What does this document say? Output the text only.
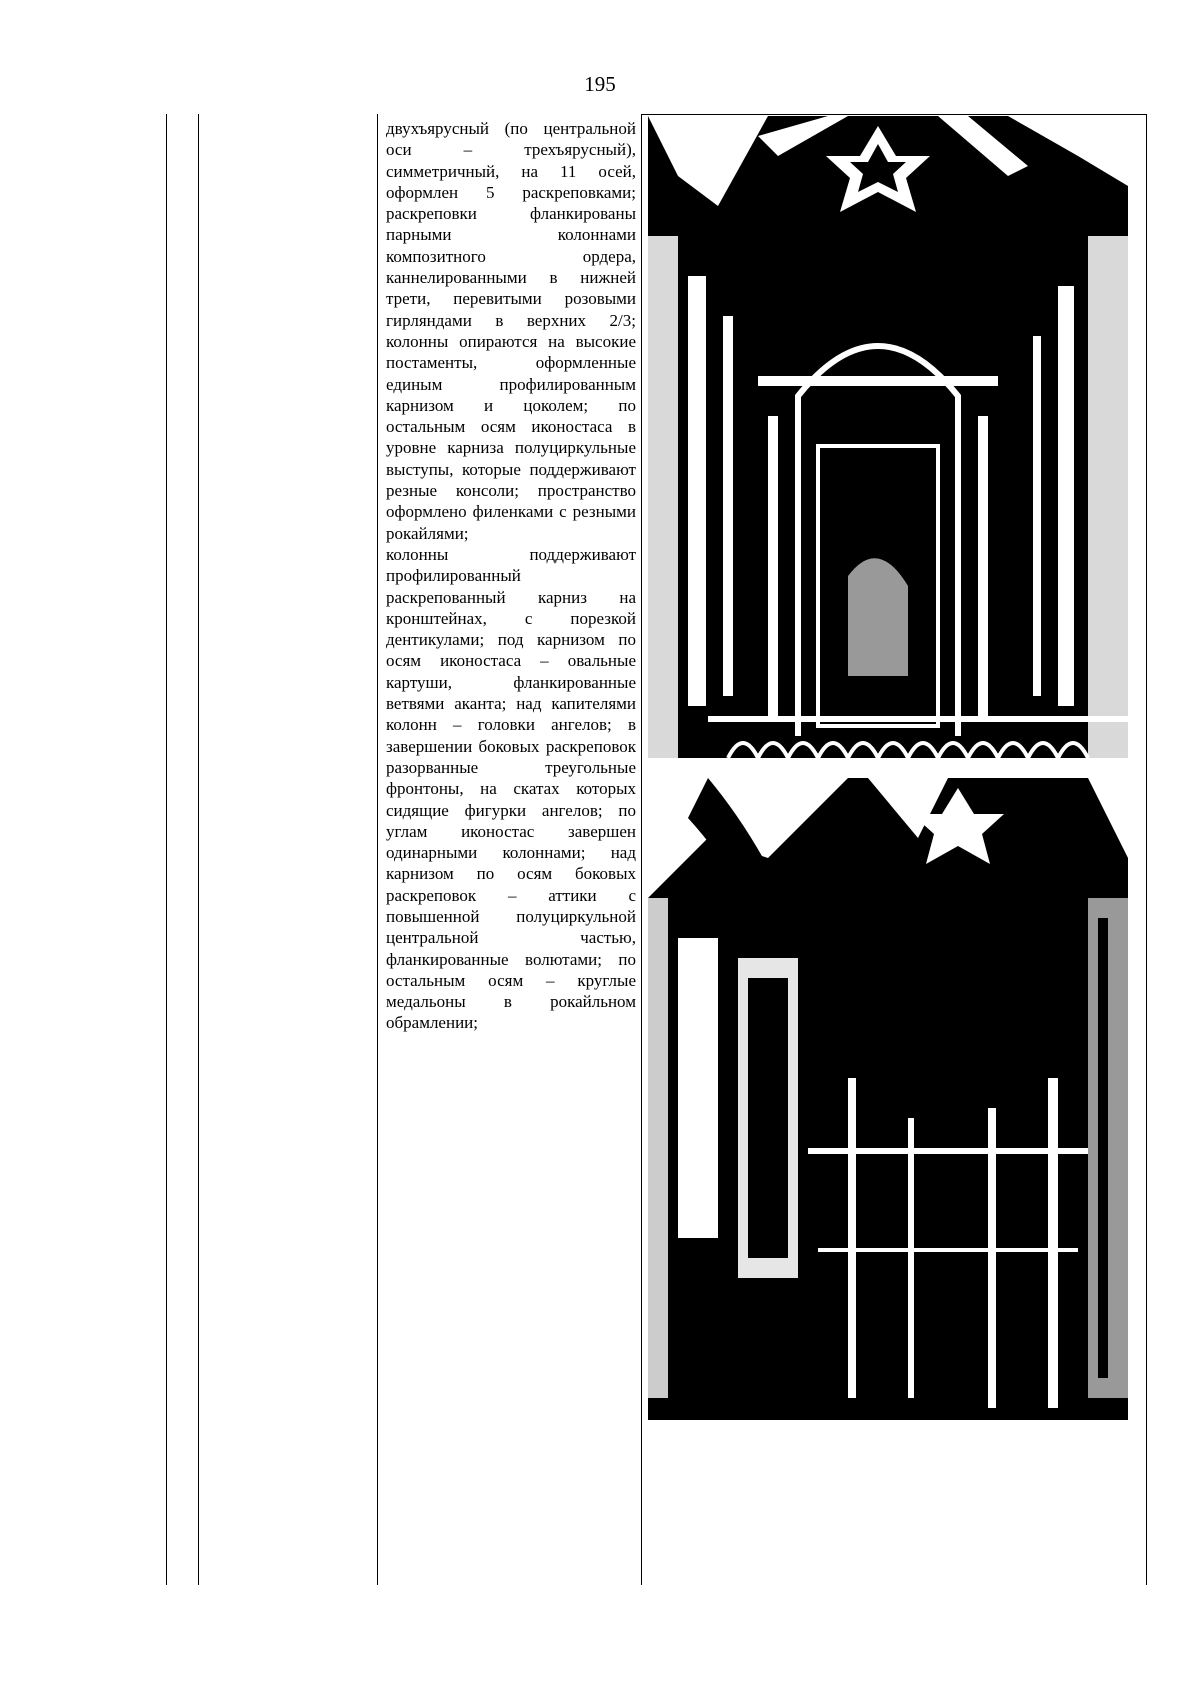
195

двухъярусный (по центральной оси – трехъярусный), симметричный, на 11 осей, оформлен 5 раскреповками; раскреповки фланкированы парными колоннами композитного ордера, каннелированными в нижней трети, перевитыми розовыми гирляндами в верхних 2/3; колонны опираются на высокие постаменты, оформленные единым профилированным карнизом и цоколем; по остальным осям иконостаса в уровне карниза полуциркульные выступы, которые поддерживают резные консоли; пространство оформлено филенками с резными рокайлями;
колонны поддерживают профилированный раскрепованный карниз на кронштейнах, с порезкой дентикулами; под карнизом по осям иконостаса – овальные картуши, фланкированные ветвями аканта; над капителями колонн – головки ангелов; в завершении боковых раскреповок разорванные треугольные фронтоны, на скатах которых сидящие фигурки ангелов; по углам иконостас завершен одинарными колоннами; над карнизом по осям боковых раскреповок – аттики с повышенной полуциркульной центральной частью, фланкированные волютами; по остальным осям – круглые медальоны в рокайльном обрамлении;
